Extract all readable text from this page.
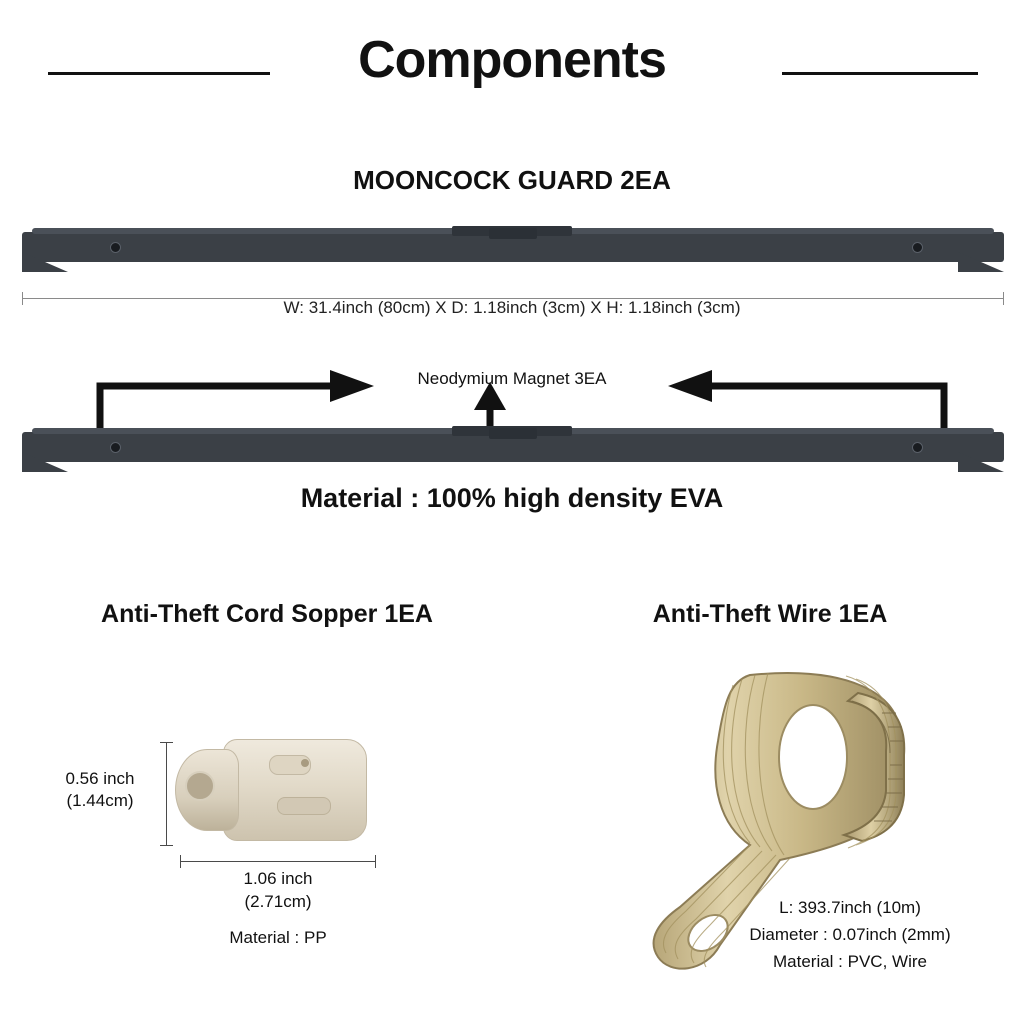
Components
MOONCOCK GUARD 2EA
W: 31.4inch (80cm) X D: 1.18inch (3cm) X H: 1.18inch (3cm)
Neodymium Magnet 3EA
Material : 100% high density EVA
Anti-Theft Cord Sopper 1EA
0.56 inch
(1.44cm)
1.06 inch
(2.71cm)
Material : PP
Anti-Theft Wire 1EA
L: 393.7inch (10m)
Diameter : 0.07inch (2mm)
Material : PVC, Wire
